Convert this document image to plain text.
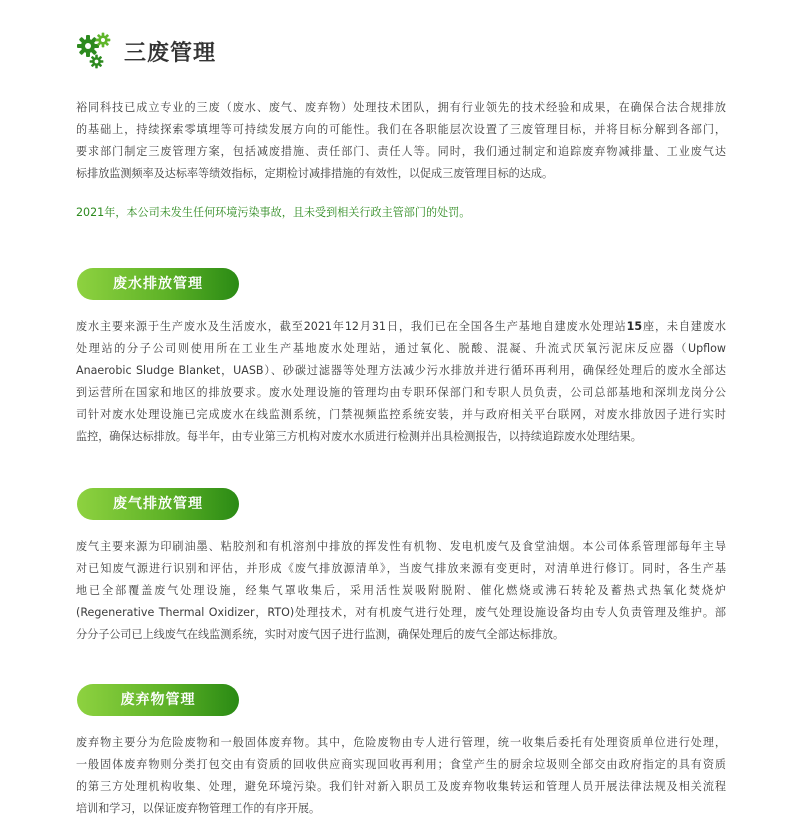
三废管理

裕同科技已成立专业的三废（废水、废气、废弃物）处理技术团队，拥有行业领先的技术经验和成果，在确保合法合规排放
的基础上，持续探索零填埋等可持续发展方向的可能性。我们在各职能层次设置了三废管理目标，并将目标分解到各部门，
要求部门制定三废管理方案，包括减废措施、责任部门、责任人等。同时，我们通过制定和追踪废弃物减排量、工业废气达
标排放监测频率及达标率等绩效指标，定期检讨减排措施的有效性，以促成三废管理目标的达成。

2021年，本公司未发生任何环境污染事故，且未受到相关行政主管部门的处罚。

废水排放管理

废水主要来源于生产废水及生活废水，截至2021年12月31日，我们已在全国各生产基地自建废水处理站15座，未自建废水
处理站的分子公司则使用所在工业生产基地废水处理站，通过氧化、脱酸、混凝、升流式厌氧污泥床反应器（Upflow
Anaerobic Sludge Blanket，UASB）、砂碳过滤器等处理方法减少污水排放并进行循环再利用，确保经处理后的废水全部达
到运营所在国家和地区的排放要求。废水处理设施的管理均由专职环保部门和专职人员负责，公司总部基地和深圳龙岗分公
司针对废水处理设施已完成废水在线监测系统，门禁视频监控系统安装，并与政府相关平台联网，对废水排放因子进行实时
监控，确保达标排放。每半年，由专业第三方机构对废水水质进行检测并出具检测报告，以持续追踪废水处理结果。

废气排放管理

废气主要来源为印刷油墨、粘胶剂和有机溶剂中排放的挥发性有机物、发电机废气及食堂油烟。本公司体系管理部每年主导
对已知废气源进行识别和评估，并形成《废气排放源清单》，当废气排放来源有变更时，对清单进行修订。同时，各生产基
地已全部覆盖废气处理设施，经集气罩收集后，采用活性炭吸附脱附、催化燃烧或沸石转轮及蓄热式热氧化焚烧炉
(Regenerative Thermal Oxidizer，RTO)处理技术，对有机废气进行处理，废气处理设施设备均由专人负责管理及维护。部
分分子公司已上线废气在线监测系统，实时对废气因子进行监测，确保处理后的废气全部达标排放。

废弃物管理

废弃物主要分为危险废物和一般固体废弃物。其中，危险废物由专人进行管理，统一收集后委托有处理资质单位进行处理，
一般固体废弃物则分类打包交由有资质的回收供应商实现回收再利用；食堂产生的厨余垃圾则全部交由政府指定的具有资质
的第三方处理机构收集、处理，避免环境污染。我们针对新入职员工及废弃物收集转运和管理人员开展法律法规及相关流程
培训和学习，以保证废弃物管理工作的有序开展。
